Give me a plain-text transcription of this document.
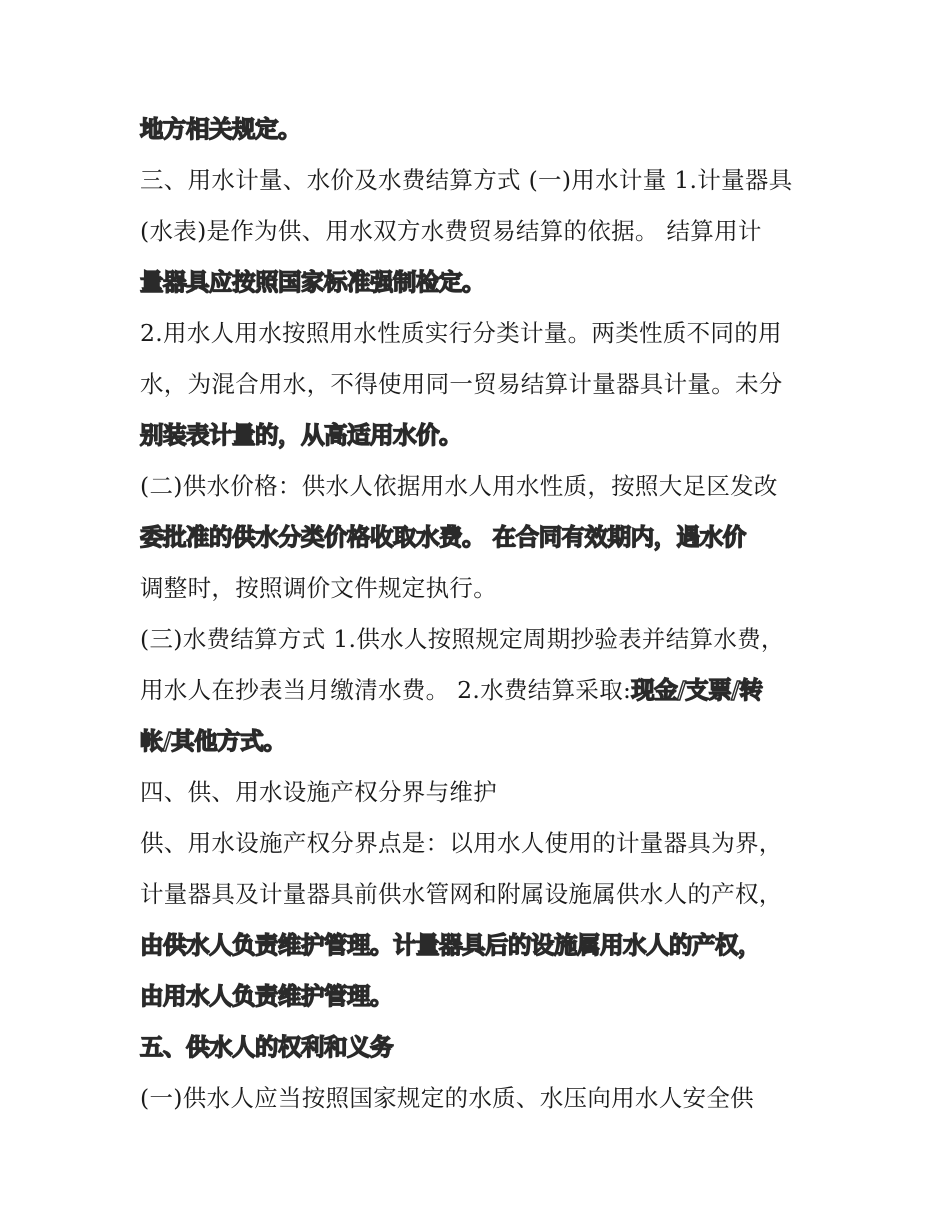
地方相关规定。
三、用水计量、水价及水费结算方式 (一)用水计量 1.计量器具
(水表)是作为供、用水双方水费贸易结算的依据。 结算用计
量器具应按照国家标准强制检定。
2.用水人用水按照用水性质实行分类计量。两类性质不同的用
水，为混合用水，不得使用同一贸易结算计量器具计量。未分
别装表计量的，从高适用水价。
(二)供水价格：供水人依据用水人用水性质，按照大足区发改
委批准的供水分类价格收取水费。 在合同有效期内，遇水价
调整时，按照调价文件规定执行。
(三)水费结算方式 1.供水人按照规定周期抄验表并结算水费，
用水人在抄表当月缴清水费。 2.水费结算采取:现金/支票/转
帐/其他方式。
四、供、用水设施产权分界与维护
供、用水设施产权分界点是：以用水人使用的计量器具为界，
计量器具及计量器具前供水管网和附属设施属供水人的产权，
由供水人负责维护管理。计量器具后的设施属用水人的产权，
由用水人负责维护管理。
五、供水人的权利和义务
(一)供水人应当按照国家规定的水质、水压向用水人安全供
